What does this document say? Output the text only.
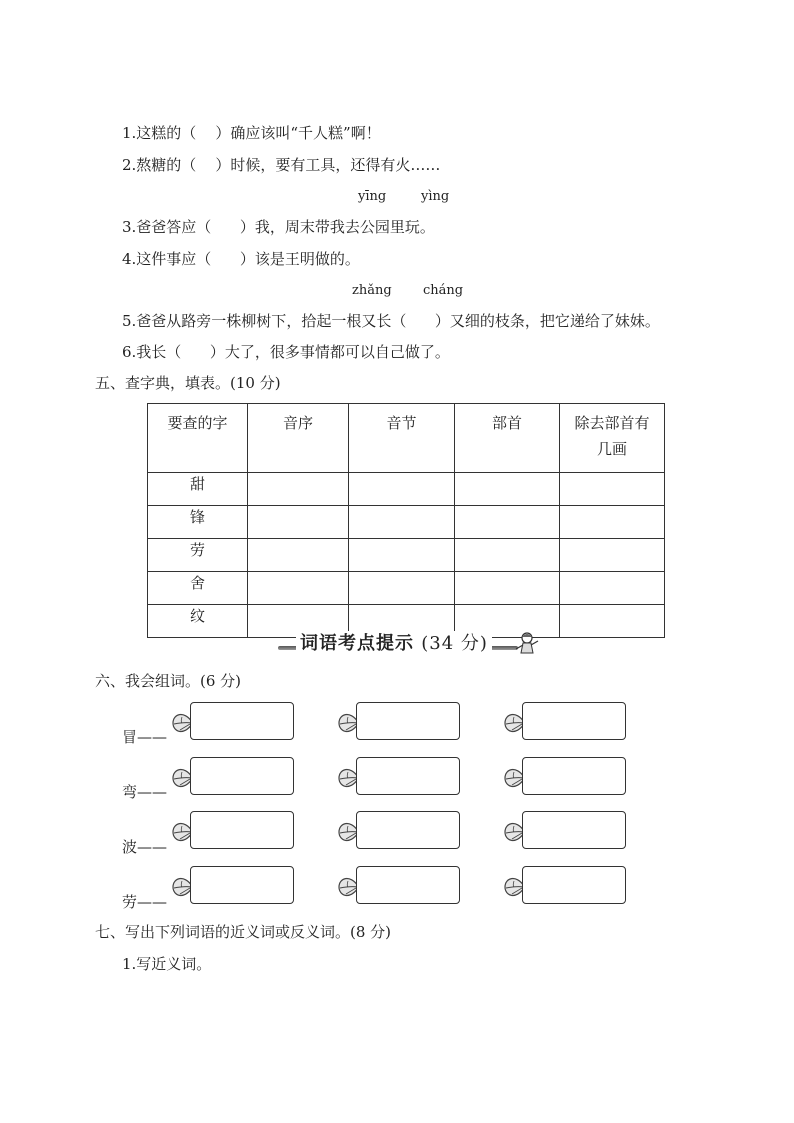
1.这糕的（    ）确应该叫“千人糕”啊！
2.熬糖的（    ）时候，要有工具，还得有火……
yīng	yìng
3.爸爸答应（      ）我，周末带我去公园里玩。
4.这件事应（      ）该是王明做的。
zhǎng cháng
5.爸爸从路旁一株柳树下，拾起一根又长（      ）又细的枝条，把它递给了妹妹。
6.我长（      ）大了，很多事情都可以自己做了。
五、查字典，填表。(10 分)
要查的字	音序	音节	部首	除去部首有
几画

甜				
锋				
劳				
舍				
纹				
词语考点提示 (34 分)
六、我会组词。(6 分)
冒——
弯——
波——
劳——
七、写出下列词语的近义词或反义词。(8 分)
1.写近义词。
